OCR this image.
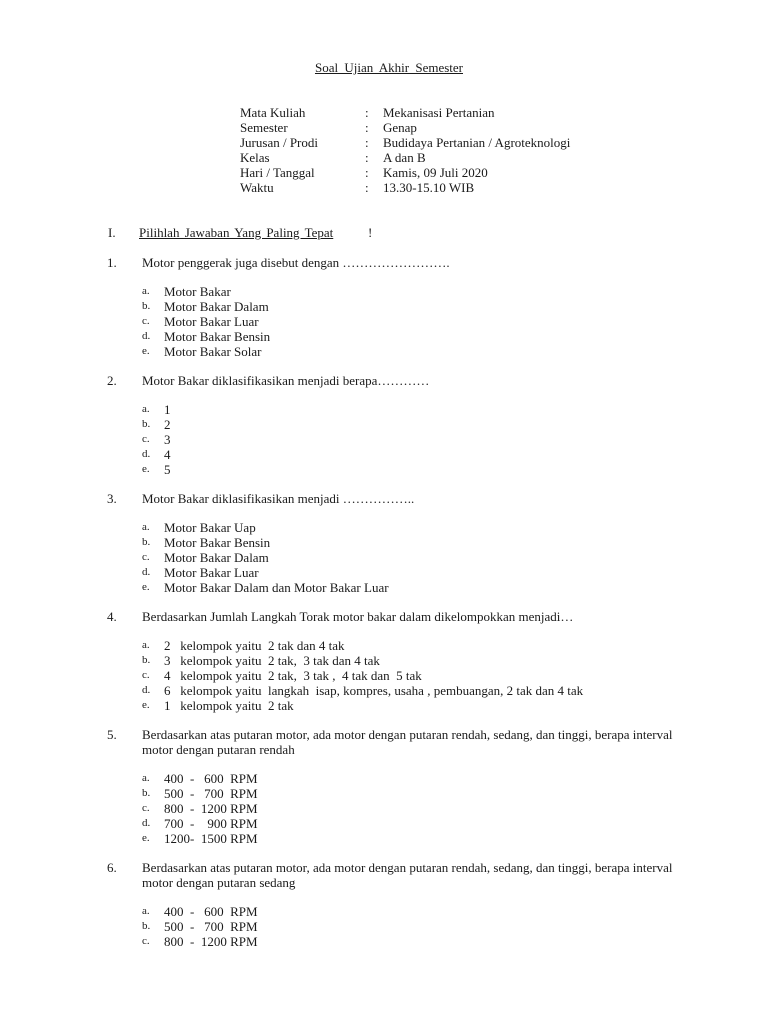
Soal Ujian Akhir Semester
Mata Kuliah	: Mekanisasi Pertanian
Semester	: Genap
Jurusan / Prodi	: Budidaya Pertanian / Agroteknologi
Kelas	: A dan B
Hari / Tanggal	: Kamis, 09 Juli 2020
Waktu	: 13.30-15.10 WIB
I. Pilihlah Jawaban Yang Paling Tepat	!
1. Motor penggerak juga disebut dengan …………………….
a. Motor Bakar
b. Motor Bakar Dalam
c. Motor Bakar Luar
d. Motor Bakar Bensin
e. Motor Bakar Solar
2. Motor Bakar diklasifikasikan menjadi berapa…………
a. 1
b. 2
c. 3
d. 4
e. 5
3. Motor Bakar diklasifikasikan menjadi ……………..
a. Motor Bakar Uap
b. Motor Bakar Bensin
c. Motor Bakar Dalam
d. Motor Bakar Luar
e. Motor Bakar Dalam dan Motor Bakar Luar
4. Berdasarkan Jumlah Langkah Torak motor bakar dalam dikelompokkan menjadi…
a. 2   kelompok yaitu  2 tak dan 4 tak
b. 3   kelompok yaitu  2 tak,  3 tak dan 4 tak
c. 4   kelompok yaitu  2 tak,  3 tak ,  4 tak dan  5 tak
d. 6   kelompok yaitu  langkah  isap, kompres, usaha , pembuangan, 2 tak dan 4 tak
e. 1   kelompok yaitu  2 tak
5. Berdasarkan atas putaran motor, ada motor dengan putaran rendah, sedang, dan tinggi, berapa interval motor dengan putaran rendah
a. 400  -   600  RPM
b. 500  -   700  RPM
c. 800  -  1200 RPM
d. 700  -    900 RPM
e. 1200-  1500 RPM
6. Berdasarkan atas putaran motor, ada motor dengan putaran rendah, sedang, dan tinggi, berapa interval motor dengan putaran sedang
a. 400  -   600  RPM
b. 500  -   700  RPM
c. 800  -  1200 RPM
